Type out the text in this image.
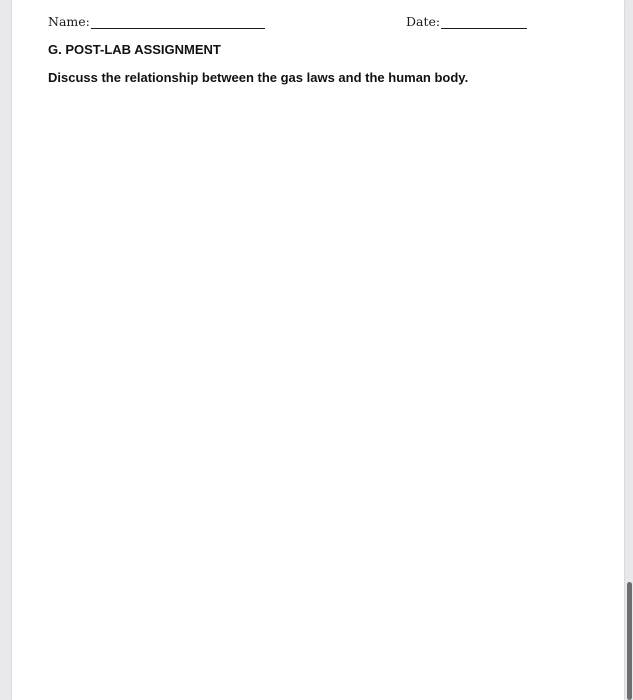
Name:	Date:
G. POST-LAB ASSIGNMENT
Discuss the relationship between the gas laws and the human body.
